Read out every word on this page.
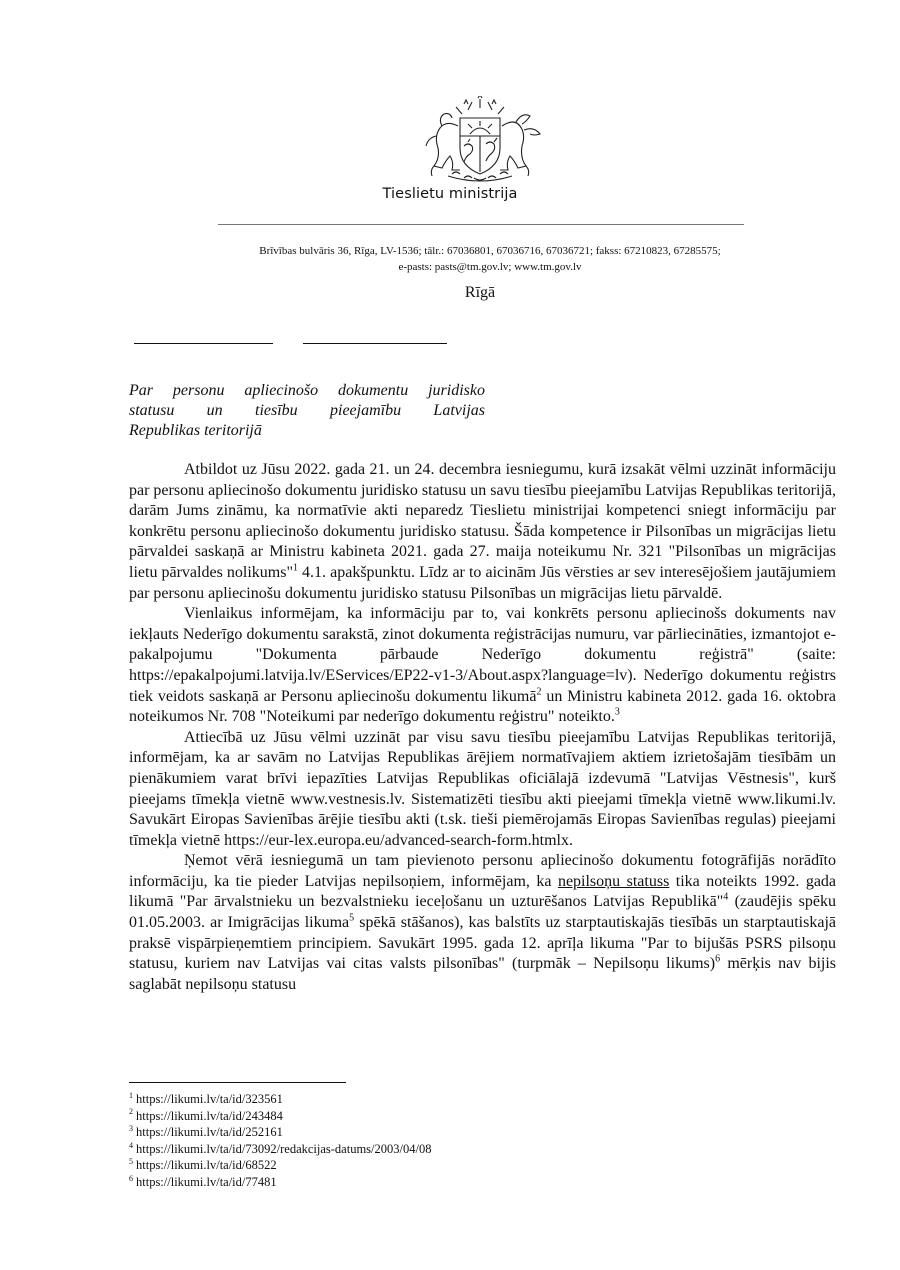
Tieslietu ministrija
Brīvības bulvāris 36, Rīga, LV-1536; tālr.: 67036801, 67036716, 67036721; fakss: 67210823, 67285575;
e-pasts: pasts@tm.gov.lv; www.tm.gov.lv
Rīgā
Par personu apliecinošo dokumentu juridisko
statusu un tiesību pieejamību Latvijas
Republikas teritorijā

Atbildot uz Jūsu 2022. gada 21. un 24. decembra iesniegumu, kurā izsakāt vēlmi uzzināt informāciju par personu apliecinošo dokumentu juridisko statusu un savu tiesību pieejamību Latvijas Republikas teritorijā, darām Jums zināmu, ka normatīvie akti neparedz Tieslietu ministrijai kompetenci sniegt informāciju par konkrētu personu apliecinošo dokumentu juridisko statusu. Šāda kompetence ir Pilsonības un migrācijas lietu pārvaldei saskaņā ar Ministru kabineta 2021. gada 27. maija noteikumu Nr. 321 "Pilsonības un migrācijas lietu pārvaldes nolikums"$^1$ 4.1. apakšpunktu. Līdz ar to aicinām Jūs vērsties ar sev interesējošiem jautājumiem par personu apliecinošu dokumentu juridisko statusu Pilsonības un migrācijas lietu pārvaldē.

Vienlaikus informējam, ka informāciju par to, vai konkrēts personu apliecinošs dokuments nav iekļauts Nederīgo dokumentu sarakstā, zinot dokumenta reģistrācijas numuru, var pārliecināties, izmantojot e-pakalpojumu "Dokumenta pārbaude Nederīgo dokumentu reģistrā" (saite: https://epakalpojumi.latvija.lv/EServices/EP22-v1-3/About.aspx?language=lv). Nederīgo dokumentu reģistrs tiek veidots saskaņā ar Personu apliecinošu dokumentu likumā$^2$ un Ministru kabineta 2012. gada 16. oktobra noteikumos Nr. 708 "Noteikumi par nederīgo dokumentu reģistru" noteikto.$^3$

Attiecībā uz Jūsu vēlmi uzzināt par visu savu tiesību pieejamību Latvijas Republikas teritorijā, informējam, ka ar savām no Latvijas Republikas ārējiem normatīvajiem aktiem izrietošajām tiesībām un pienākumiem varat brīvi iepazīties Latvijas Republikas oficiālajā izdevumā "Latvijas Vēstnesis", kurš pieejams tīmekļa vietnē www.vestnesis.lv. Sistematizēti tiesību akti pieejami tīmekļa vietnē www.likumi.lv. Savukārt Eiropas Savienības ārējie tiesību akti (t.sk. tieši piemērojamās Eiropas Savienības regulas) pieejami tīmekļa vietnē https://eur-lex.europa.eu/advanced-search-form.htmlx.

Ņemot vērā iesniegumā un tam pievienoto personu apliecinošo dokumentu fotogrāfijās norādīto informāciju, ka tie pieder Latvijas nepilsoņiem, informējam, ka nepilsoņu statuss tika noteikts 1992. gada likumā "Par ārvalstnieku un bezvalstnieku ieceļošanu un uzturēšanos Latvijas Republikā"$^4$ (zaudējis spēku 01.05.2003. ar Imigrācijas likuma$^5$ spēkā stāšanos), kas balstīts uz starptautiskajās tiesībās un starptautiskajā praksē vispārpieņemtiem principiem. Savukārt 1995. gada 12. aprīļa likuma "Par to bijušās PSRS pilsoņu statusu, kuriem nav Latvijas vai citas valsts pilsonības" (turpmāk – Nepilsoņu likums)$^6$ mērķis nav bijis saglabāt nepilsoņu statusu

$^1$ https://likumi.lv/ta/id/323561
$^2$ https://likumi.lv/ta/id/243484
$^3$ https://likumi.lv/ta/id/252161
$^4$ https://likumi.lv/ta/id/73092/redakcijas-datums/2003/04/08
$^5$ https://likumi.lv/ta/id/68522
$^6$ https://likumi.lv/ta/id/77481
